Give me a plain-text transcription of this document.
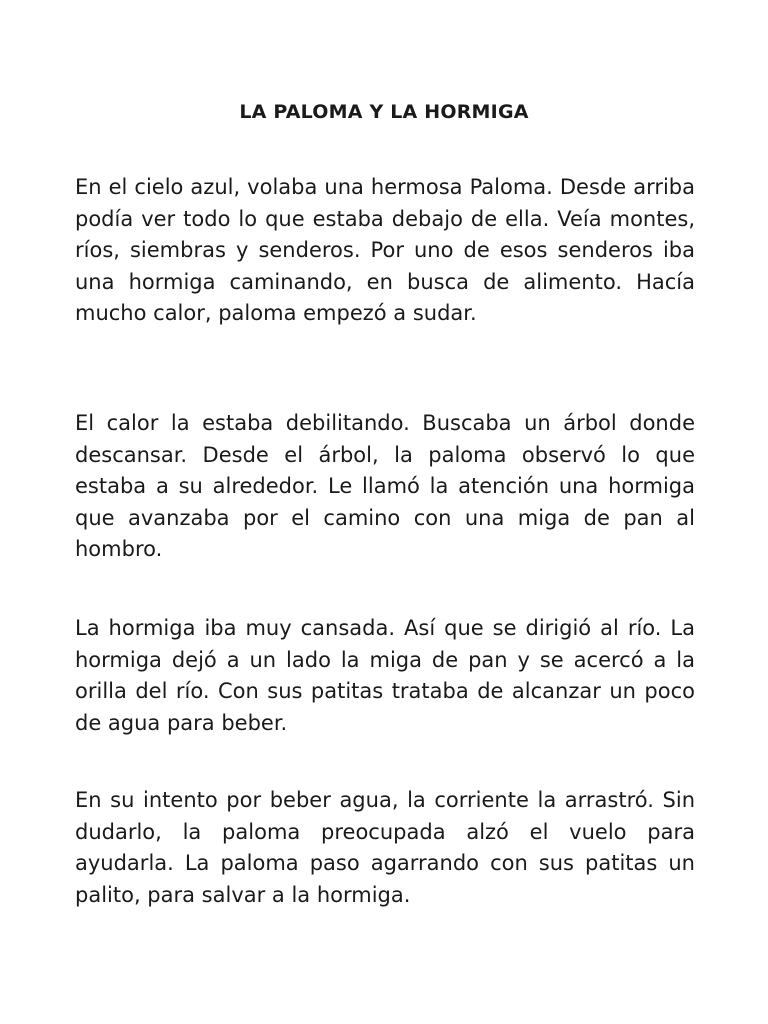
LA PALOMA Y LA HORMIGA

En el cielo azul, volaba una hermosa Paloma. Desde arriba podía ver todo lo que estaba debajo de ella. Veía montes, ríos, siembras y senderos. Por uno de esos senderos iba una hormiga caminando, en busca de alimento. Hacía mucho calor, paloma empezó a sudar.

El calor la estaba debilitando. Buscaba un árbol donde descansar. Desde el árbol, la paloma observó lo que estaba a su alrededor. Le llamó la atención una hormiga que avanzaba por el camino con una miga de pan al hombro.

La hormiga iba muy cansada. Así que se dirigió al río. La hormiga dejó a un lado la miga de pan y se acercó a la orilla del río. Con sus patitas trataba de alcanzar un poco de agua para beber.

En su intento por beber agua, la corriente la arrastró. Sin dudarlo, la paloma preocupada alzó el vuelo para ayudarla. La paloma paso agarrando con sus patitas un palito, para salvar a la hormiga.
